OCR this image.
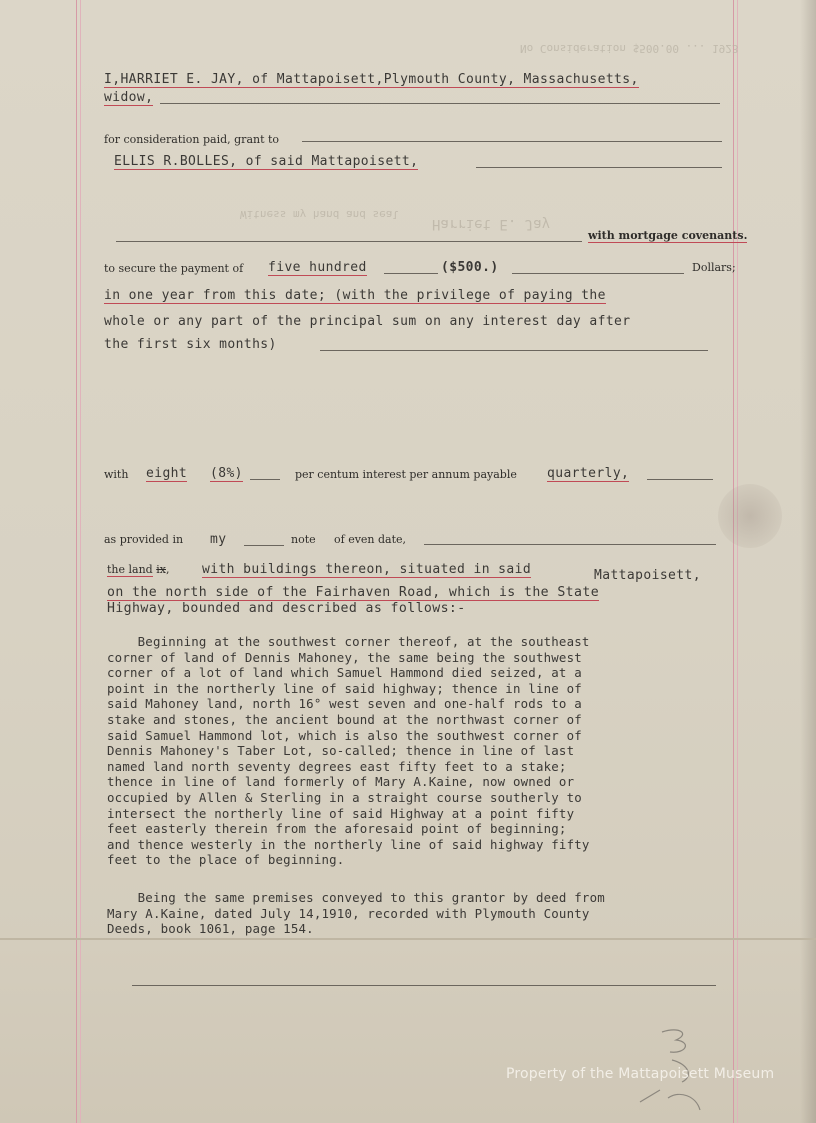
No Consideration $500.00 ... 1923
Harriet E. Jay
Witness my hand and seal
I,HARRIET E. JAY, of Mattapoisett,Plymouth County, Massachusetts,
widow,
for consideration paid, grant to
ELLIS R.BOLLES, of said Mattapoisett,
with mortgage covenants.
to secure the payment of five hundred	($500.)	Dollars;
in one year from this date; (with the privilege of paying the
whole or any part of the principal sum on any interest day after
the first six months)
with eight (8%)	per centum interest per annum payable quarterly,
as provided in my	note of even date,
the land ix,	with buildings thereon, situated in said	Mattapoisett,
on the north side of the Fairhaven Road, which is the State
Highway, bounded and described as follows:-
Beginning at the southwest corner thereof, at the southeast
corner of land of Dennis Mahoney, the same being the southwest
corner of a lot of land which Samuel Hammond died seized, at a
point in the northerly line of said highway; thence in line of
said Mahoney land, north 16° west seven and one-half rods to a
stake and stones, the ancient bound at the northwast corner of
said Samuel Hammond lot, which is also the southwest corner of
Dennis Mahoney's Taber Lot, so-called; thence in line of last
named land north seventy degrees east fifty feet to a stake;
thence in line of land formerly of Mary A.Kaine, now owned or
occupied by Allen & Sterling in a straight course southerly to
intersect the northerly line of said Highway at a point fifty
feet easterly therein from the aforesaid point of beginning;
and thence westerly in the northerly line of said highway fifty
feet to the place of beginning.
Being the same premises conveyed to this grantor by deed from
Mary A.Kaine, dated July 14,1910, recorded with Plymouth County
Deeds, book 1061, page 154.
Property of the Mattapoisett Museum
